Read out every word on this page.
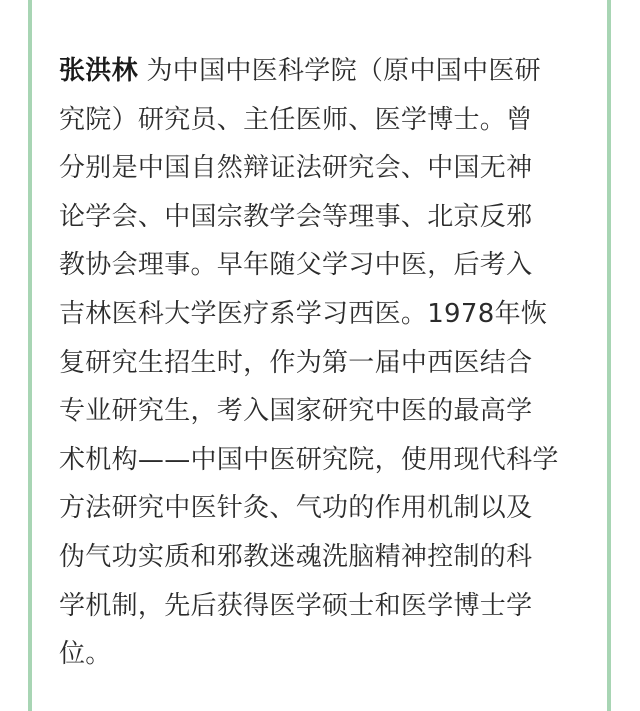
张洪林 为中国中医科学院（原中国中医研
究院）研究员、主任医师、医学博士。曾
分别是中国自然辩证法研究会、中国无神
论学会、中国宗教学会等理事、北京反邪
教协会理事。早年随父学习中医，后考入
吉林医科大学医疗系学习西医。1978年恢
复研究生招生时，作为第一届中西医结合
专业研究生，考入国家研究中医的最高学
术机构——中国中医研究院，使用现代科学
方法研究中医针灸、气功的作用机制以及
伪气功实质和邪教迷魂洗脑精神控制的科
学机制，先后获得医学硕士和医学博士学
位。
